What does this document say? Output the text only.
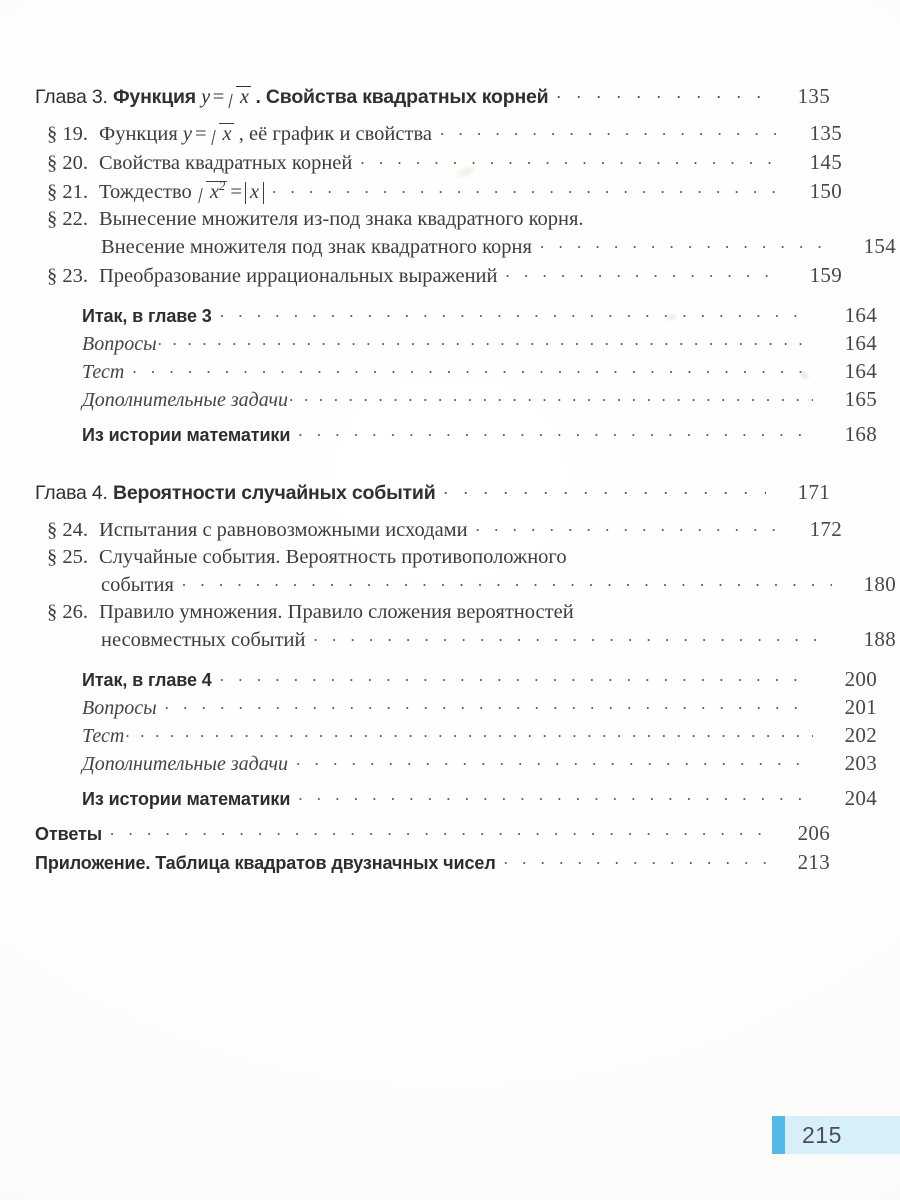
Глава 3. Функция y = x . Свойства квадратных корней . . .	135
§ 19. Функция y = x , её график и свойства . . .	135
§ 20. Свойства квадратных корней . . .	145
§ 21. Тождество $x^2 = x$ . . .	150
§ 22. Вынесение множителя из-под знака квадратного корня.
Внесение множителя под знак квадратного корня . . .	154
§ 23. Преобразование иррациональных выражений . . .	159
Итак, в главе 3 . . .	164
Вопросы . . .	164
Тест . . .	164
Дополнительные задачи . . .	165
Из истории математики . . .	168
Глава 4. Вероятности случайных событий . . .	171
§ 24. Испытания с равновозможными исходами . . .	172
§ 25. Случайные события. Вероятность противоположного
события . . .	180
§ 26. Правило умножения. Правило сложения вероятностей
несовместных событий . . .	188
Итак, в главе 4 . . .	200
Вопросы . . .	201
Тест . . .	202
Дополнительные задачи . . .	203
Из истории математики . . .	204
Ответы . . .	206
Приложение. Таблица квадратов двузначных чисел . . .	213
215
